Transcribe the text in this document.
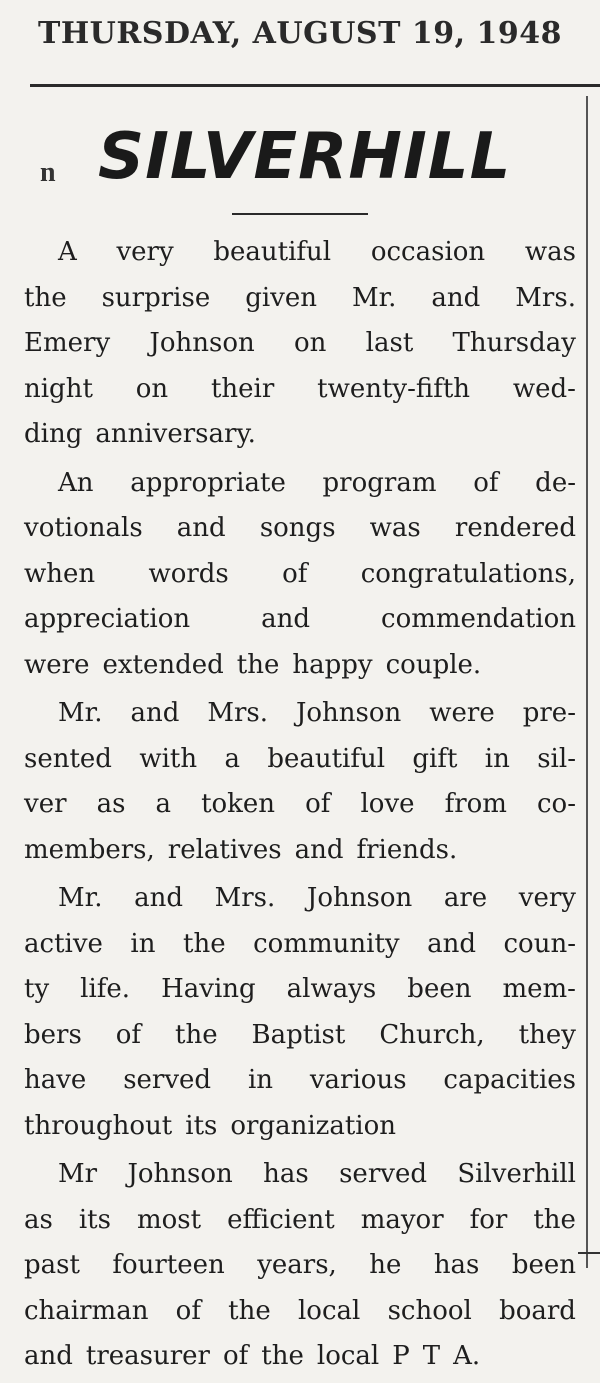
THURSDAY, AUGUST 19, 1948
n SILVERHILL
A very beautiful occasion was
the surprise given Mr. and Mrs.
Emery Johnson on last Thursday
night on their twenty-fifth wed-
ding anniversary.
An appropriate program of de-
votionals and songs was rendered
when words of congratulations,
appreciation	and	commendation
were extended the happy couple.
Mr. and Mrs. Johnson were pre-
sented with a beautiful gift in sil-
ver as a token of love from co-
members, relatives and friends.
Mr. and Mrs. Johnson are very
active in the community and coun-
ty life. Having always been mem-
bers of the Baptist Church, they
have served in various capacities
throughout its organization
Mr Johnson has served Silverhill
as its most efficient mayor for the
past fourteen years, he has been
chairman of the local school board
and treasurer of the local P T A.
